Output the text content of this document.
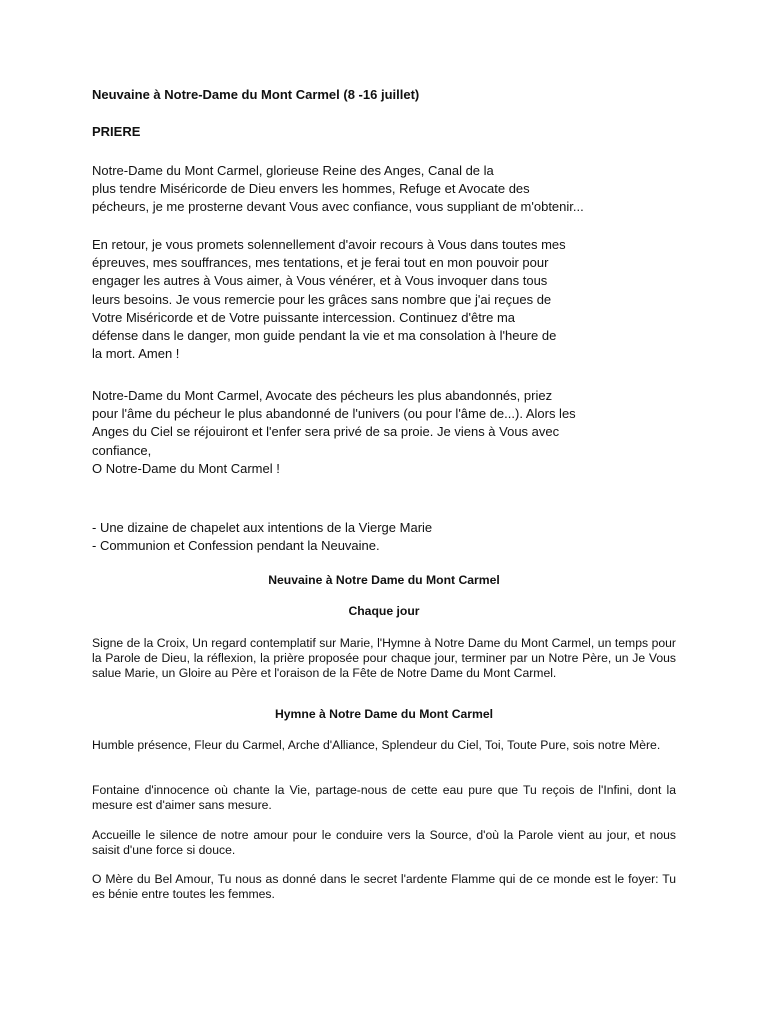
Neuvaine à Notre-Dame du Mont Carmel (8 -16 juillet)
PRIERE
Notre-Dame du Mont Carmel, glorieuse Reine des Anges, Canal de la
plus tendre Miséricorde de Dieu envers les hommes, Refuge et Avocate des
pécheurs, je me prosterne devant Vous avec confiance, vous suppliant de m'obtenir...
En retour, je vous promets solennellement d'avoir recours à Vous dans toutes mes
épreuves, mes souffrances, mes tentations, et je ferai tout en mon pouvoir pour
engager les autres à Vous aimer, à Vous vénérer, et à Vous invoquer dans tous
leurs besoins. Je vous remercie pour les grâces sans nombre que j'ai reçues de
Votre Miséricorde et de Votre puissante intercession. Continuez d'être ma
défense dans le danger, mon guide pendant la vie et ma consolation à l'heure de
la mort. Amen !
Notre-Dame du Mont Carmel, Avocate des pécheurs les plus abandonnés, priez
pour l'âme du pécheur le plus abandonné de l'univers (ou pour l'âme de...). Alors les
Anges du Ciel se réjouiront et l'enfer sera privé de sa proie. Je viens à Vous avec
confiance,
O Notre-Dame du Mont Carmel !
- Une dizaine de chapelet aux intentions de la Vierge Marie
- Communion et Confession pendant la Neuvaine.
Neuvaine à Notre Dame du Mont Carmel
Chaque jour
Signe de la Croix, Un regard contemplatif sur Marie, l'Hymne à Notre Dame du Mont Carmel, un temps pour la Parole de Dieu, la réflexion, la prière proposée pour chaque jour, terminer par un Notre Père, un Je Vous salue Marie, un Gloire au Père et l'oraison de la Fête de Notre Dame du Mont Carmel.
Hymne à Notre Dame du Mont Carmel
Humble présence, Fleur du Carmel, Arche d'Alliance, Splendeur du Ciel, Toi, Toute Pure, sois notre Mère.
Fontaine d'innocence où chante la Vie, partage-nous de cette eau pure que Tu reçois de l'Infini, dont la mesure est d'aimer sans mesure.
Accueille le silence de notre amour pour le conduire vers la Source, d'où la Parole vient au jour, et nous saisit d'une force si douce.
O Mère du Bel Amour, Tu nous as donné dans le secret l'ardente Flamme qui de ce monde est le foyer: Tu es bénie entre toutes les femmes.
